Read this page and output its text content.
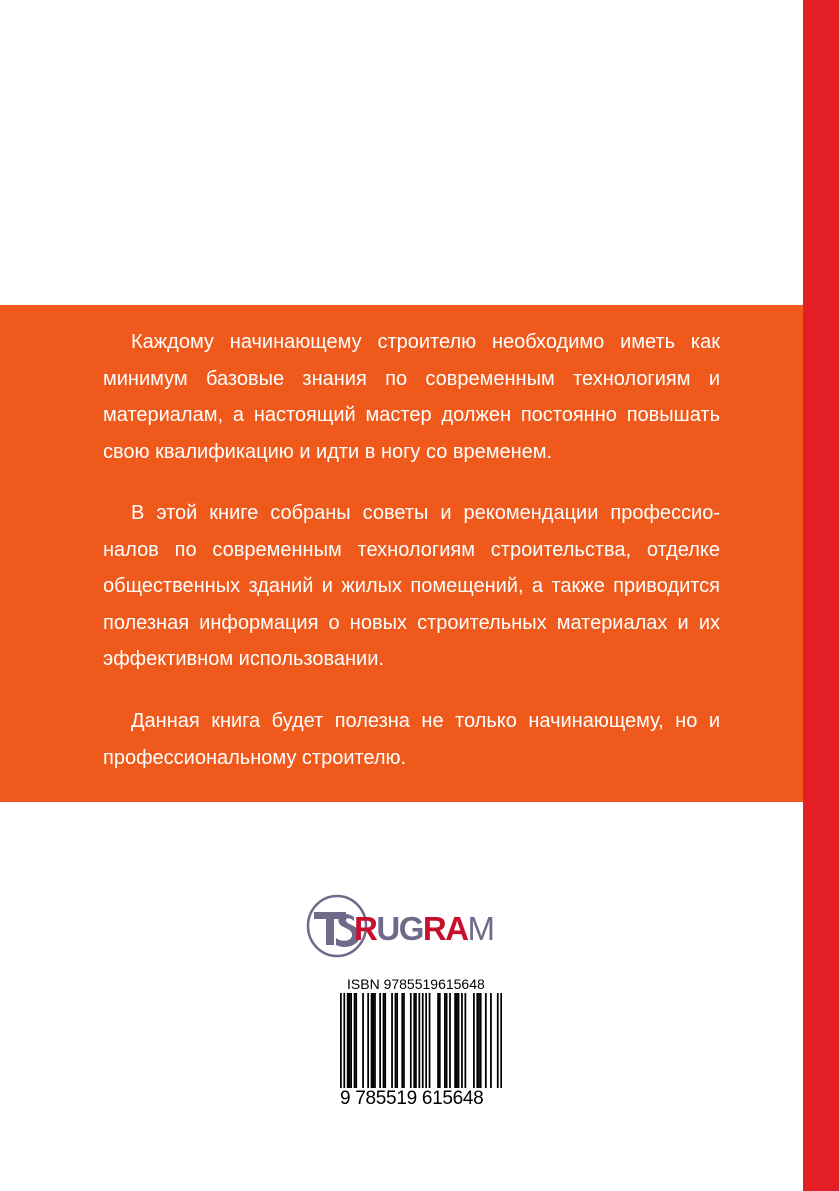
Каждому начинающему строителю необходимо иметь как минимум базовые знания по современным технологиям и материалам, а настоящий мастер должен постоянно повышать свою квалификацию и идти в ногу со временем.

В этой книге собраны советы и рекомендации профессионалов по современным технологиям строительства, отделке общественных зданий и жилых помещений, а также приводится полезная информация о новых строительных материалах и их эффективном использовании.

Данная книга будет полезна не только начинающему, но и профессиональному строителю.

RUGRAM
ISBN 9785519615648
9 785519 615648
